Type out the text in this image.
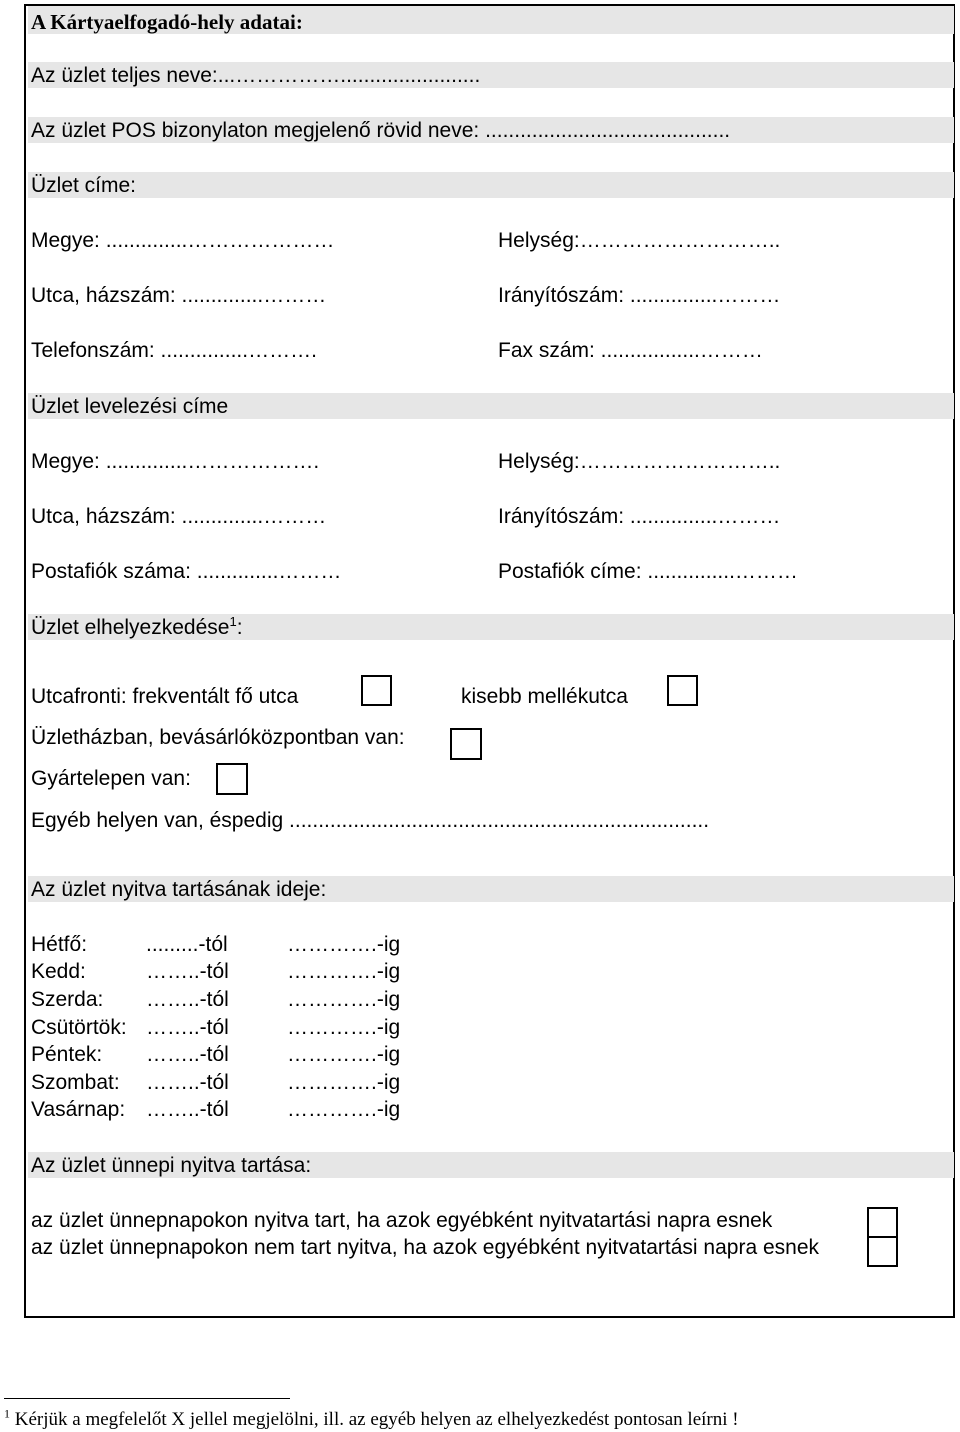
A Kártyaelfogadó-hely adatai:
Az üzlet teljes neve:...……………........................
Az üzlet POS bizonylaton megjelenő rövid neve: ..........................................
Üzlet címe:
Megye: ..............…………………	Helység:………………………..
Utca, házszám: ..............………	Irányítószám: ...............………
Telefonszám: ...............……….	Fax szám: .................………
Üzlet levelezési címe
Megye: ..............……………….	Helység:………………………..
Utca, házszám: ..............………	Irányítószám: ...............………
Postafiók száma: ..............………	Postafiók címe: ...............………
Üzlet elhelyezkedése$^1$:
Utcafronti: frekventált fő utca	kisebb mellékutca
Üzletházban, bevásárlóközpontban van:
Gyártelepen van:
Egyéb helyen van, éspedig ........................................................................
Az üzlet nyitva tartásának ideje:
Hétfő:	.........-tól	………….-ig
Kedd:	……..-tól	………….-ig
Szerda: ……..-tól	………….-ig
Csütörtök: ……..-tól	………….-ig
Péntek: ……..-tól	………….-ig
Szombat: ……..-tól	………….-ig
Vasárnap: ……..-tól	………….-ig
Az üzlet ünnepi nyitva tartása:
az üzlet ünnepnapokon nyitva tart, ha azok egyébként nyitvatartási napra esnek
az üzlet ünnepnapokon nem tart nyitva, ha azok egyébként nyitvatartási napra esnek
$^1$ Kérjük a megfelelőt X jellel megjelölni, ill. az egyéb helyen az elhelyezkedést pontosan leírni !
